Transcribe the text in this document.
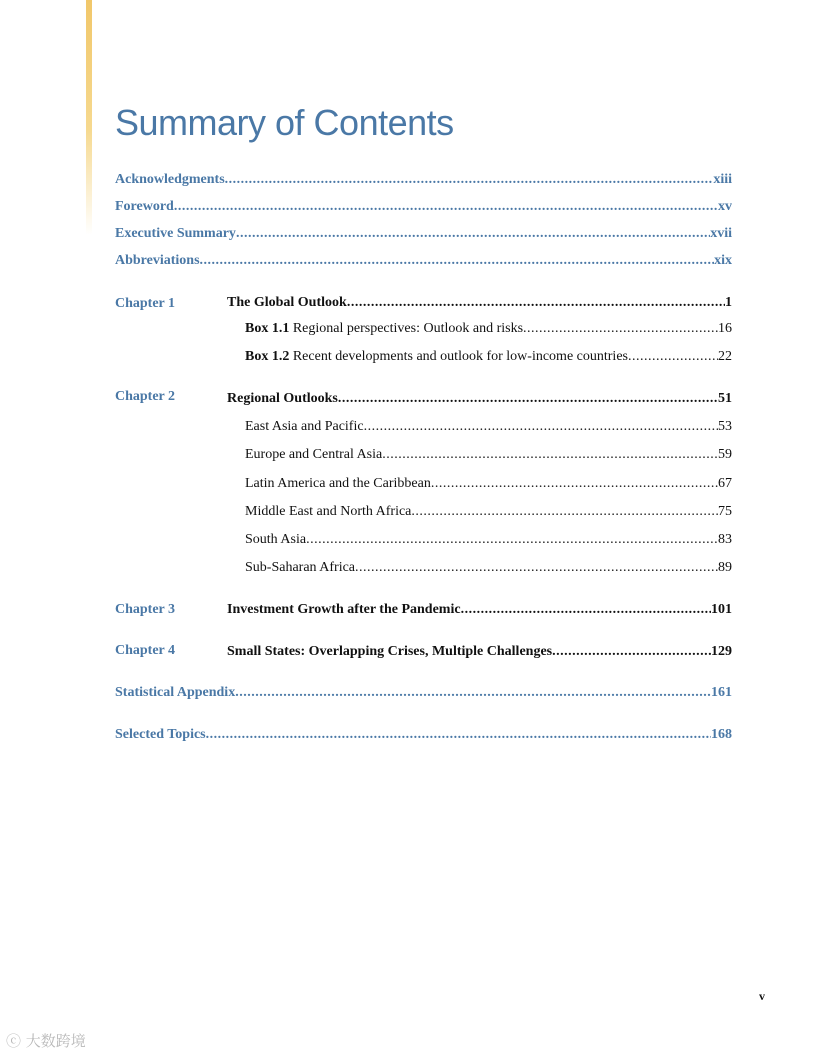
Summary of Contents
Acknowledgments .....	xiii
Foreword .....	xv
Executive Summary .....	xvii
Abbreviations .....	xix
Chapter 1	The Global Outlook .....	1
Box 1.1 Regional perspectives: Outlook and risks .....	16
Box 1.2 Recent developments and outlook for low-income countries .....	22
Chapter 2	Regional Outlooks .....	51
East Asia and Pacific .....	53
Europe and Central Asia .....	59
Latin America and the Caribbean .....	67
Middle East and North Africa .....	75
South Asia .....	83
Sub-Saharan Africa .....	89
Chapter 3	Investment Growth after the Pandemic .....	101
Chapter 4	Small States: Overlapping Crises, Multiple Challenges .....	129
Statistical Appendix .....	161
Selected Topics .....	168
v
ⓒ 大数跨境
